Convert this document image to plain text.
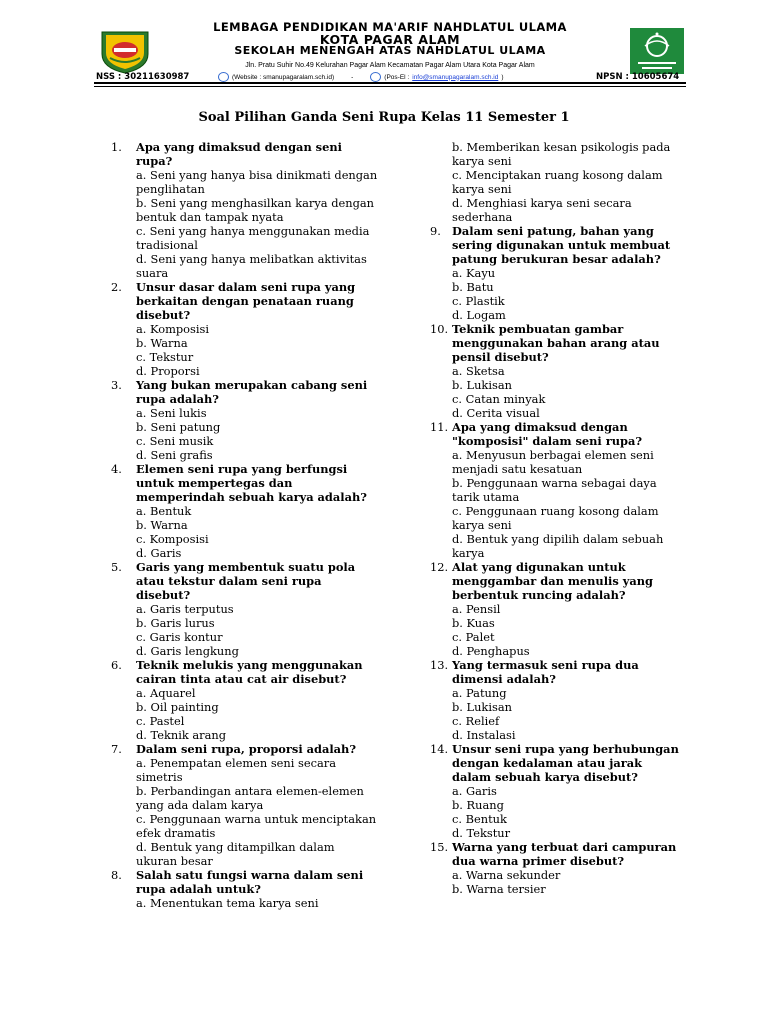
LEMBAGA PENDIDIKAN MA'ARIF NAHDLATUL ULAMA
KOTA PAGAR ALAM
SEKOLAH MENENGAH ATAS NAHDLATUL ULAMA
Jln. Pratu Suhir No.49 Kelurahan Pagar Alam Kecamatan Pagar Alam Utara Kota Pagar Alam
NSS : 30211630987	(Website : smanupagaralam.sch.id)	-	(Pos-El : info@smanupagaralam.sch.id )	NPSN : 10605674
Soal Pilihan Ganda Seni Rupa Kelas 11 Semester 1
1. Apa yang dimaksud dengan seni rupa?
a. Seni yang hanya bisa dinikmati dengan penglihatan
b. Seni yang menghasilkan karya dengan bentuk dan tampak nyata
c. Seni yang hanya menggunakan media tradisional
d. Seni yang hanya melibatkan aktivitas suara
2. Unsur dasar dalam seni rupa yang berkaitan dengan penataan ruang disebut?
a. Komposisi
b. Warna
c. Tekstur
d. Proporsi
3. Yang bukan merupakan cabang seni rupa adalah?
a. Seni lukis
b. Seni patung
c. Seni musik
d. Seni grafis
4. Elemen seni rupa yang berfungsi untuk mempertegas dan memperindah sebuah karya adalah?
a. Bentuk
b. Warna
c. Komposisi
d. Garis
5. Garis yang membentuk suatu pola atau tekstur dalam seni rupa disebut?
a. Garis terputus
b. Garis lurus
c. Garis kontur
d. Garis lengkung
6. Teknik melukis yang menggunakan cairan tinta atau cat air disebut?
a. Aquarel
b. Oil painting
c. Pastel
d. Teknik arang
7. Dalam seni rupa, proporsi adalah?
a. Penempatan elemen seni secara simetris
b. Perbandingan antara elemen-elemen yang ada dalam karya
c. Penggunaan warna untuk menciptakan efek dramatis
d. Bentuk yang ditampilkan dalam ukuran besar
8. Salah satu fungsi warna dalam seni rupa adalah untuk?
a. Menentukan tema karya seni
b. Memberikan kesan psikologis pada karya seni
c. Menciptakan ruang kosong dalam karya seni
d. Menghiasi karya seni secara sederhana
9. Dalam seni patung, bahan yang sering digunakan untuk membuat patung berukuran besar adalah?
a. Kayu
b. Batu
c. Plastik
d. Logam
10. Teknik pembuatan gambar menggunakan bahan arang atau pensil disebut?
a. Sketsa
b. Lukisan
c. Catan minyak
d. Cerita visual
11. Apa yang dimaksud dengan "komposisi" dalam seni rupa?
a. Menyusun berbagai elemen seni menjadi satu kesatuan
b. Penggunaan warna sebagai daya tarik utama
c. Penggunaan ruang kosong dalam karya seni
d. Bentuk yang dipilih dalam sebuah karya
12. Alat yang digunakan untuk menggambar dan menulis yang berbentuk runcing adalah?
a. Pensil
b. Kuas
c. Palet
d. Penghapus
13. Yang termasuk seni rupa dua dimensi adalah?
a. Patung
b. Lukisan
c. Relief
d. Instalasi
14. Unsur seni rupa yang berhubungan dengan kedalaman atau jarak dalam sebuah karya disebut?
a. Garis
b. Ruang
c. Bentuk
d. Tekstur
15. Warna yang terbuat dari campuran dua warna primer disebut?
a. Warna sekunder
b. Warna tersier
